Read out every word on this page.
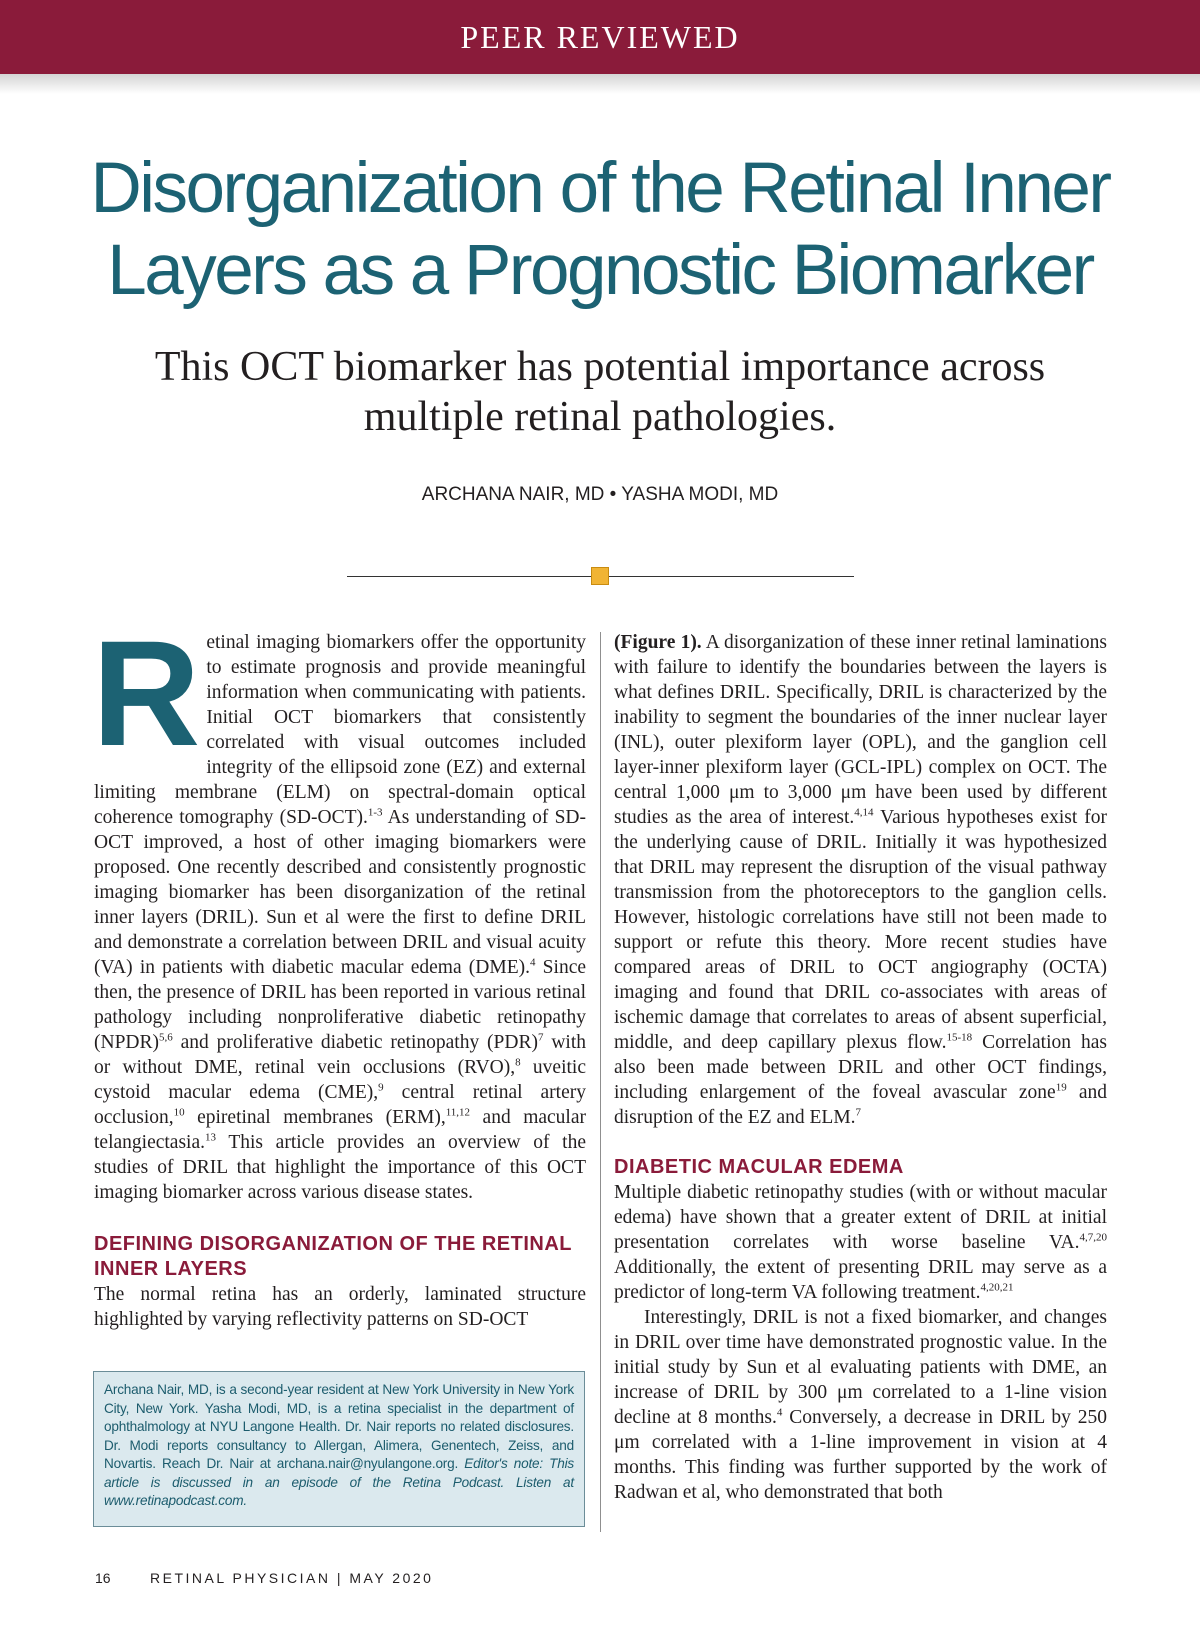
PEER REVIEWED
Disorganization of the Retinal Inner Layers as a Prognostic Biomarker
This OCT biomarker has potential importance across multiple retinal pathologies.
ARCHANA NAIR, MD • YASHA MODI, MD

Retinal imaging biomarkers offer the opportunity to estimate prognosis and provide meaningful information when communicating with patients. Initial OCT biomarkers that consistently correlated with visual outcomes included integrity of the ellipsoid zone (EZ) and external limiting membrane (ELM) on spectral-domain optical coherence tomography (SD-OCT).$^{1-3}$ As understanding of SD-OCT improved, a host of other imaging biomarkers were proposed. One recently described and consistently prognostic imaging biomarker has been disorganization of the retinal inner layers (DRIL). Sun et al were the first to define DRIL and demonstrate a correlation between DRIL and visual acuity (VA) in patients with diabetic macular edema (DME).$^4$ Since then, the presence of DRIL has been reported in various retinal pathology including nonproliferative diabetic retinopathy (NPDR)$^{5,6}$ and proliferative diabetic retinopathy (PDR)$^7$ with or without DME, retinal vein occlusions (RVO),$^8$ uveitic cystoid macular edema (CME),$^9$ central retinal artery occlusion,$^{10}$ epiretinal membranes (ERM),$^{11,12}$ and macular telangiectasia.$^{13}$ This article provides an overview of the studies of DRIL that highlight the importance of this OCT imaging biomarker across various disease states.

DEFINING DISORGANIZATION OF THE RETINAL INNER LAYERS

The normal retina has an orderly, laminated structure highlighted by varying reflectivity patterns on SD-OCT

(Figure 1). A disorganization of these inner retinal laminations with failure to identify the boundaries between the layers is what defines DRIL. Specifically, DRIL is characterized by the inability to segment the boundaries of the inner nuclear layer (INL), outer plexiform layer (OPL), and the ganglion cell layer-inner plexiform layer (GCL-IPL) complex on OCT. The central 1,000 μm to 3,000 μm have been used by different studies as the area of interest.$^{4,14}$ Various hypotheses exist for the underlying cause of DRIL. Initially it was hypothesized that DRIL may represent the disruption of the visual pathway transmission from the photoreceptors to the ganglion cells. However, histologic correlations have still not been made to support or refute this theory. More recent studies have compared areas of DRIL to OCT angiography (OCTA) imaging and found that DRIL co-associates with areas of ischemic damage that correlates to areas of absent superficial, middle, and deep capillary plexus flow.$^{15-18}$ Correlation has also been made between DRIL and other OCT findings, including enlargement of the foveal avascular zone$^{19}$ and disruption of the EZ and ELM.$^7$

DIABETIC MACULAR EDEMA

Multiple diabetic retinopathy studies (with or without macular edema) have shown that a greater extent of DRIL at initial presentation correlates with worse baseline VA.$^{4,7,20}$ Additionally, the extent of presenting DRIL may serve as a predictor of long-term VA following treatment.$^{4,20,21}$

Interestingly, DRIL is not a fixed biomarker, and changes in DRIL over time have demonstrated prognostic value. In the initial study by Sun et al evaluating patients with DME, an increase of DRIL by 300 μm correlated to a 1-line vision decline at 8 months.$^4$ Conversely, a decrease in DRIL by 250 μm correlated with a 1-line improvement in vision at 4 months. This finding was further supported by the work of Radwan et al, who demonstrated that both

Archana Nair, MD, is a second-year resident at New York University in New York City, New York. Yasha Modi, MD, is a retina specialist in the department of ophthalmology at NYU Langone Health. Dr. Nair reports no related disclosures. Dr. Modi reports consultancy to Allergan, Alimera, Genentech, Zeiss, and Novartis. Reach Dr. Nair at archana.nair@nyulangone.org. Editor's note: This article is discussed in an episode of the Retina Podcast. Listen at www.retinapodcast.com.

16	RETINAL PHYSICIAN | MAY 2020
